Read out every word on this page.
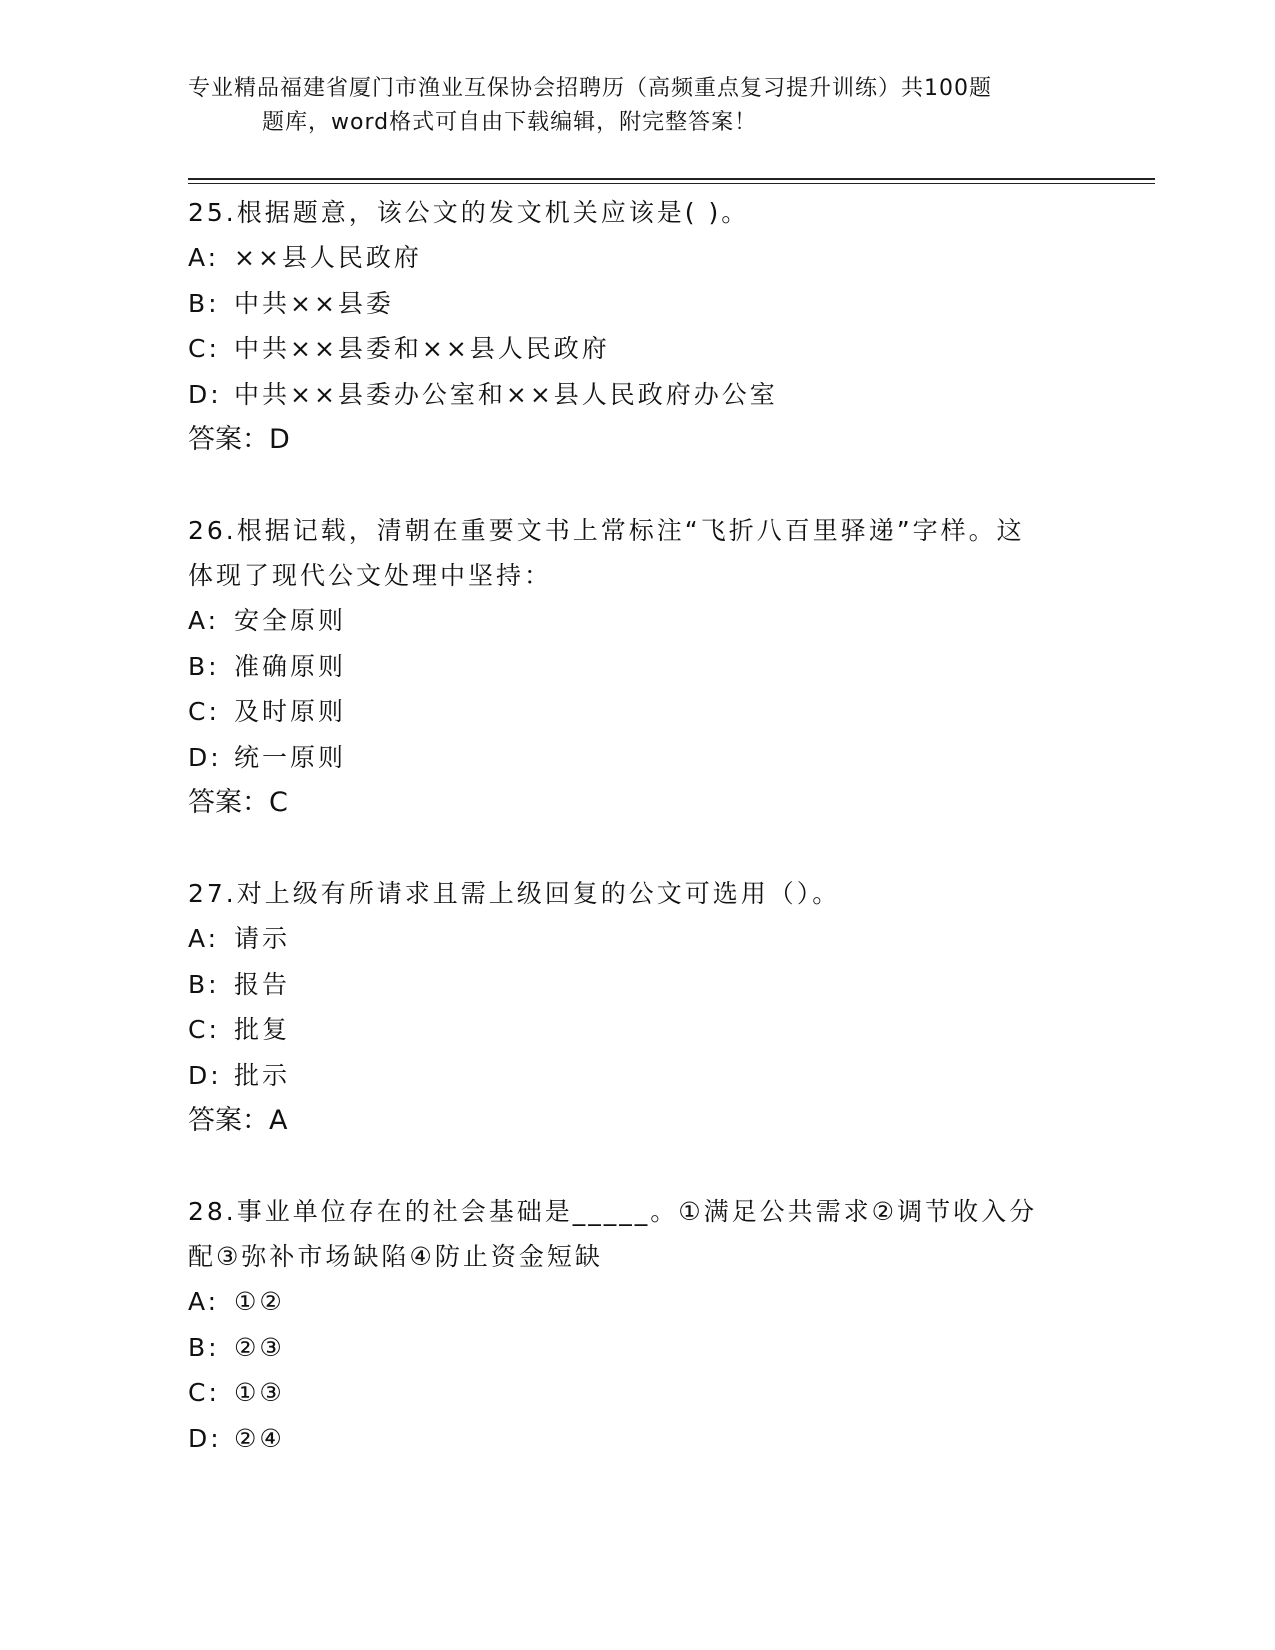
专业精品福建省厦门市渔业互保协会招聘历（高频重点复习提升训练）共100题
题库，word格式可自由下载编辑，附完整答案！

25.根据题意，该公文的发文机关应该是( )。

A: ××县人民政府

B: 中共××县委

C: 中共××县委和××县人民政府

D: 中共××县委办公室和××县人民政府办公室

答案：D

26.根据记载，清朝在重要文书上常标注“飞折八百里驿递”字样。这

体现了现代公文处理中坚持：

A: 安全原则

B: 准确原则

C: 及时原则

D: 统一原则

答案：C

27.对上级有所请求且需上级回复的公文可选用（）。

A: 请示

B: 报告

C: 批复

D: 批示

答案：A

28.事业单位存在的社会基础是_____。①满足公共需求②调节收入分

配③弥补市场缺陷④防止资金短缺

A: ①②

B: ②③

C: ①③

D: ②④
